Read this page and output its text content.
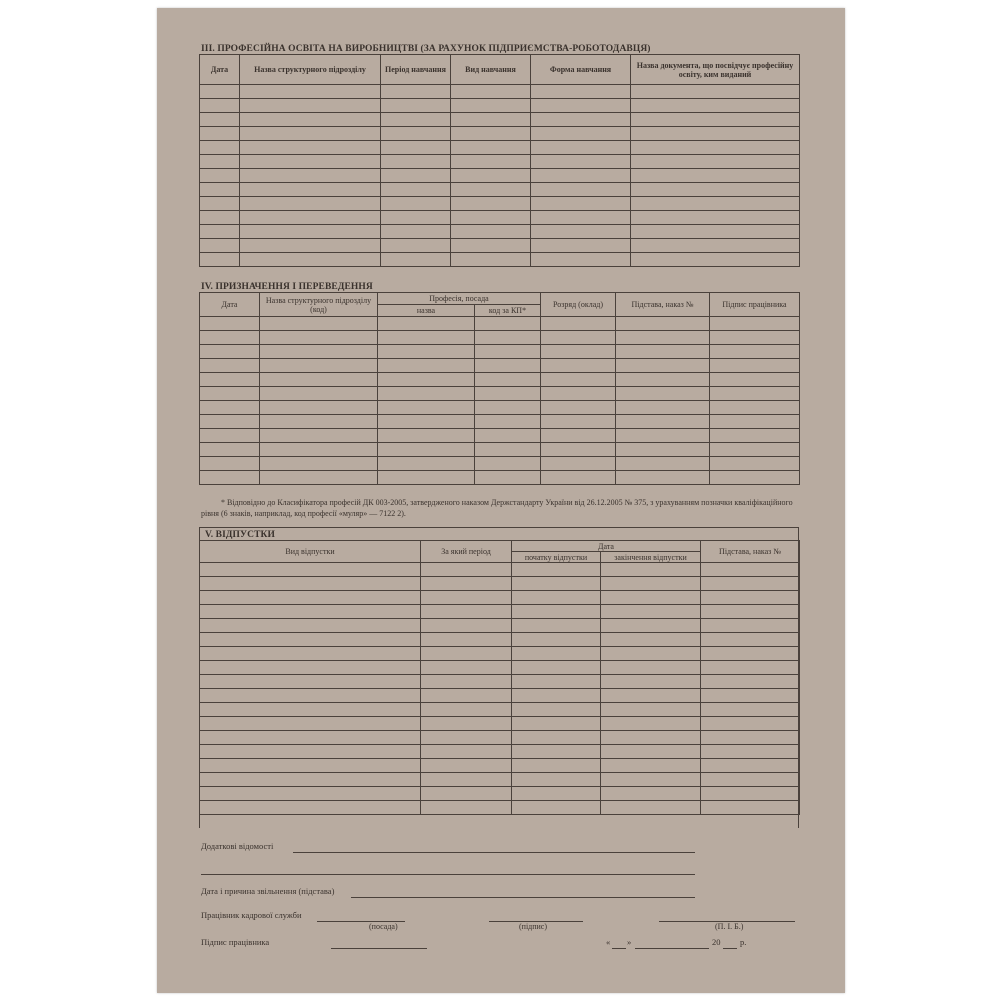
III. ПРОФЕСІЙНА ОСВІТА НА ВИРОБНИЦТВІ (ЗА РАХУНОК ПІДПРИЄМСТВА-РОБОТОДАВЦЯ)
Дата	Назва структурного підрозділу	Період навчання	Вид навчання	Форма навчання	Назва документа, що посвідчує професійну освіту, ким виданий

IV. ПРИЗНАЧЕННЯ І ПЕРЕВЕДЕННЯ
Дата	Назва структурного підрозділу (код)	Професія, посада		Розряд (оклад)	Підстава, наказ №	Підпис працівника
		назва	код за КП*			

* Відповідно до Класифікатора професій ДК 003-2005, затвердженого наказом Держстандарту України від 26.12.2005 № 375, з урахуванням позначки кваліфікаційного рівня (6 знаків, наприклад, код професії «муляр» — 7122 2).
V. ВІДПУСТКИ
Вид відпустки	За який період	Дата		Підстава, наказ №
		початку відпустки	закінчення відпустки	

Додаткові відомості
Дата і причина звільнення (підстава)
Працівник кадрової служби
(посада)	(підпис)	(П. І. Б.)
Підпис працівника	« »	20 р.
